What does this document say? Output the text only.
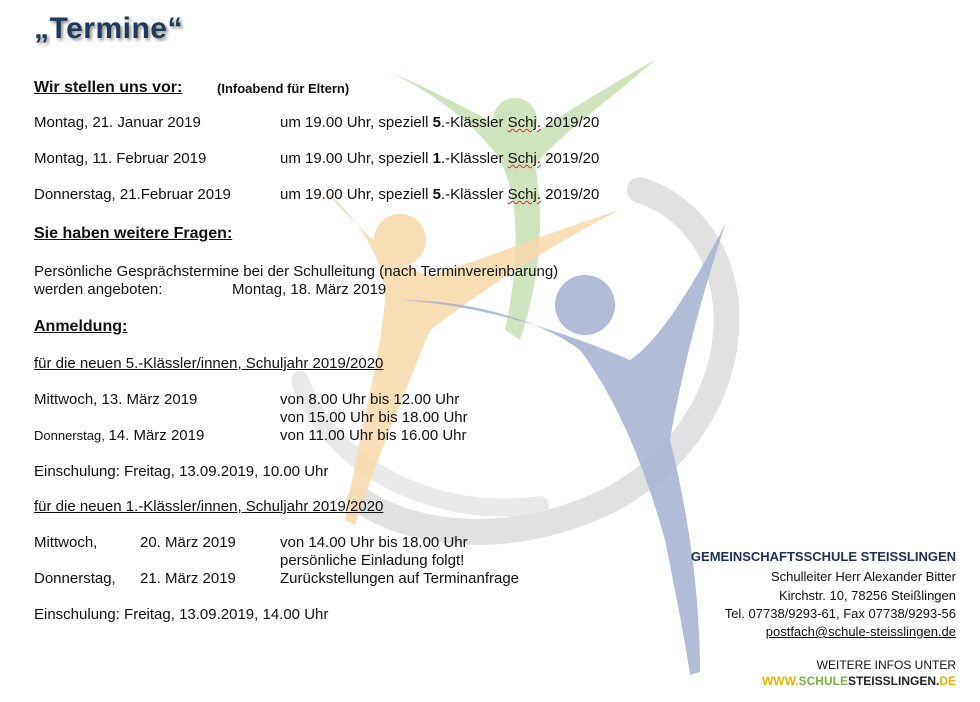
„Termine“
Wir stellen uns vor:	(Infoabend für Eltern)
Montag, 21. Januar 2019	um 19.00 Uhr, speziell 5.-Klässler Schj. 2019/20
Montag, 11. Februar 2019	um 19.00 Uhr, speziell 1.-Klässler Schj. 2019/20
Donnerstag, 21.Februar 2019	um 19.00 Uhr, speziell 5.-Klässler Schj. 2019/20
Sie haben weitere Fragen:
Persönliche Gesprächstermine bei der Schulleitung (nach Terminvereinbarung)
werden angeboten:	Montag, 18. März 2019
Anmeldung:
für die neuen 5.-Klässler/innen, Schuljahr 2019/2020
Mittwoch, 13. März 2019	von 8.00 Uhr bis 12.00 Uhr
von 15.00 Uhr bis 18.00 Uhr
Donnerstag, 14. März 2019	von 11.00 Uhr bis 16.00 Uhr
Einschulung: Freitag, 13.09.2019, 10.00 Uhr
für die neuen 1.-Klässler/innen, Schuljahr 2019/2020
Mittwoch,	20. März 2019	von 14.00 Uhr bis 18.00 Uhr
persönliche Einladung folgt!
Donnerstag, 21. März 2019	Zurückstellungen auf Terminanfrage
Einschulung: Freitag, 13.09.2019, 14.00 Uhr
GEMEINSCHAFTSSCHULE STEISSLINGEN
Schulleiter Herr Alexander Bitter
Kirchstr. 10, 78256 Steißlingen
Tel. 07738/9293-61, Fax 07738/9293-56
postfach@schule-steisslingen.de
WEITERE INFOS UNTER
WWW.SCHULESTEISSLINGEN.DE
